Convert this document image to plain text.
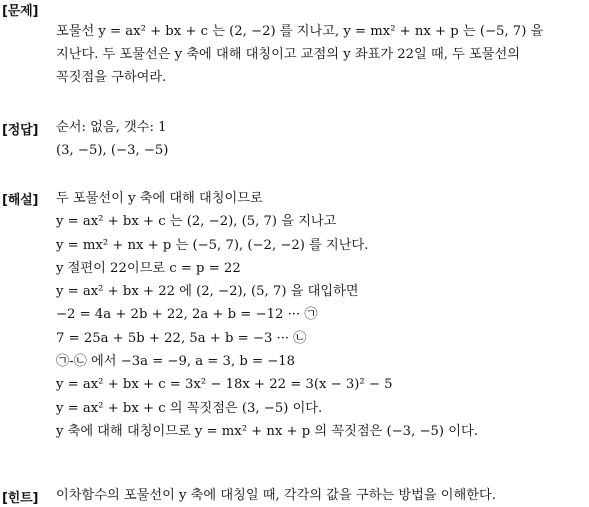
[문제]
포물선 y = ax² + bx + c 는 (2, −2) 를 지나고, y = mx² + nx + p 는 (−5, 7) 을
지난다. 두 포물선은 y 축에 대해 대칭이고 교점의 y 좌표가 22일 때, 두 포물선의
꼭짓점을 구하여라.
[정답] 순서: 없음, 갯수: 1
(3, −5), (−3, −5)
[해설] 두 포물선이 y 축에 대해 대칭이므로
y = ax² + bx + c 는 (2, −2), (5, 7) 을 지나고
y = mx² + nx + p 는 (−5, 7), (−2, −2) 를 지난다.
y 절편이 22이므로 c = p = 22
y = ax² + bx + 22 에 (2, −2), (5, 7) 을 대입하면
−2 = 4a + 2b + 22, 2a + b = −12 ··· ㉠
7 = 25a + 5b + 22, 5a + b = −3 ··· ㉡
㉠-㉡ 에서 −3a = −9, a = 3, b = −18
y = ax² + bx + c = 3x² − 18x + 22 = 3(x − 3)² − 5
y = ax² + bx + c 의 꼭짓점은 (3, −5) 이다.
y 축에 대해 대칭이므로 y = mx² + nx + p 의 꼭짓점은 (−3, −5) 이다.
[힌트] 이차함수의 포물선이 y 축에 대칭일 때, 각각의 값을 구하는 방법을 이해한다.
